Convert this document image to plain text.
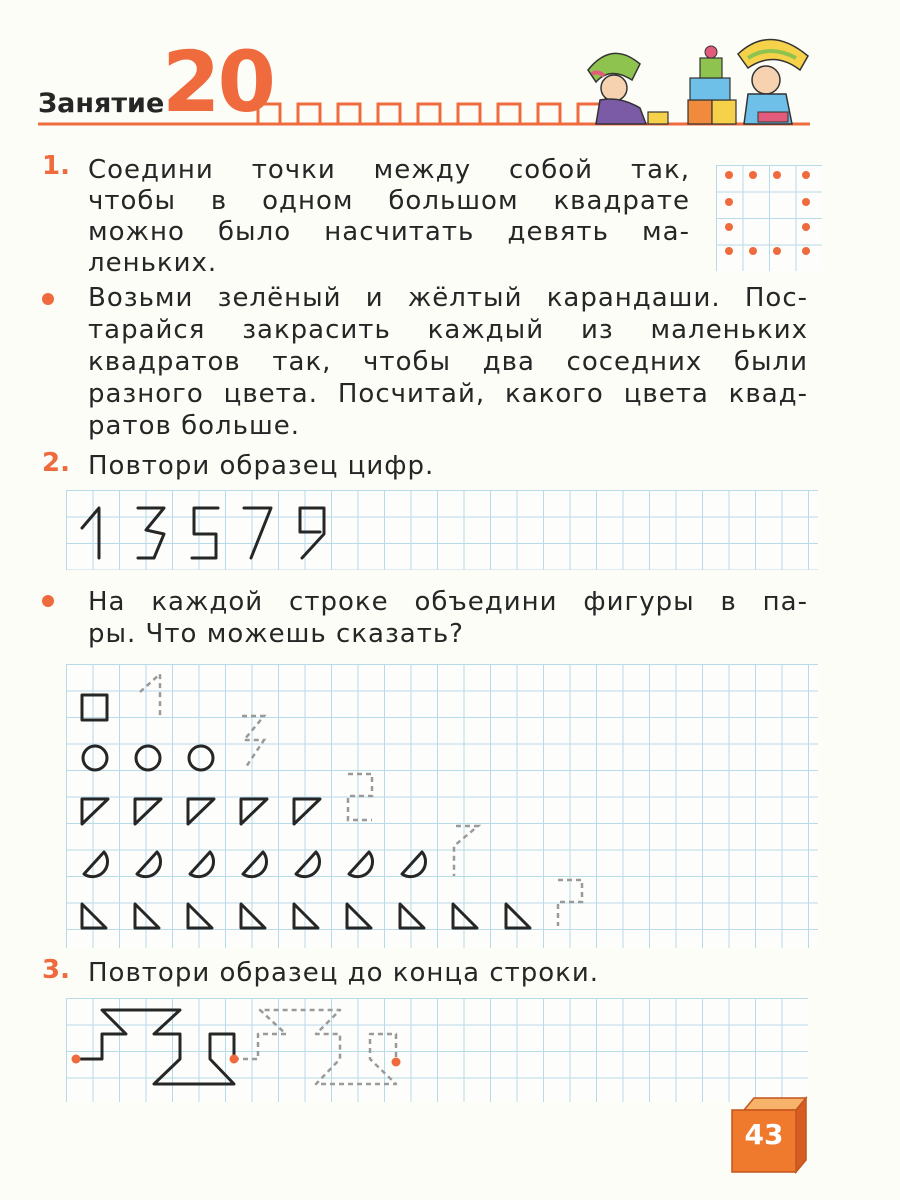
Занятие
20
1. Соедини точки между собой так,
чтобы в одном большом квадрате
можно было насчитать девять ма-
леньких.
Возьми зелёный и жёлтый карандаши. Пос-
тарайся закрасить каждый из маленьких
квадратов так, чтобы два соседних были
разного цвета. Посчитай, какого цвета квад-
ратов больше.
2. Повтори образец цифр.
На каждой строке объедини фигуры в па-
ры. Что можешь сказать?
3. Повтори образец до конца строки.
43
